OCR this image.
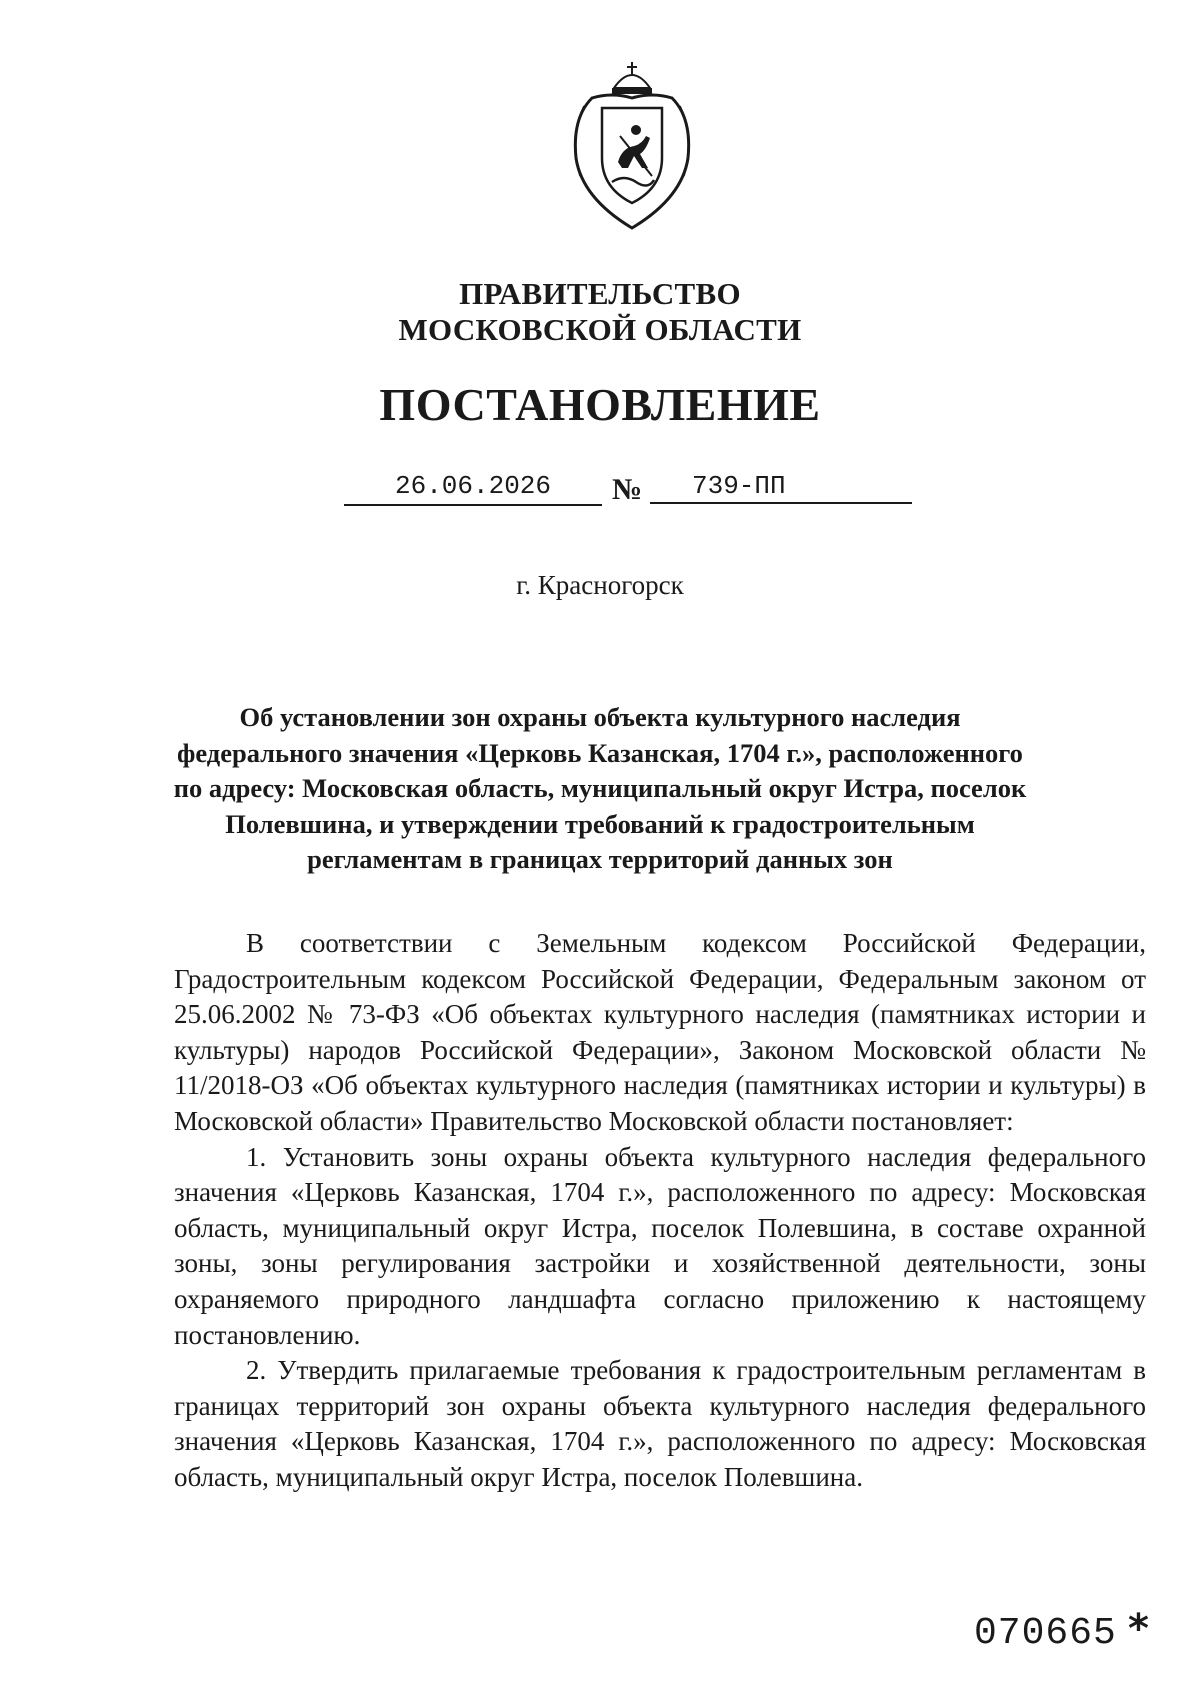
ПРАВИТЕЛЬСТВО
МОСКОВСКОЙ ОБЛАСТИ
ПОСТАНОВЛЕНИЕ
26.06.2026	№	739-ПП
г. Красногорск
Об установлении зон охраны объекта культурного наследия федерального значения «Церковь Казанская, 1704 г.», расположенного по адресу: Московская область, муниципальный округ Истра, поселок Полевшина, и утверждении требований к градостроительным регламентам в границах территорий данных зон

В соответствии с Земельным кодексом Российской Федерации, Градостроительным кодексом Российской Федерации, Федеральным законом от 25.06.2002 № 73-ФЗ «Об объектах культурного наследия (памятниках истории и культуры) народов Российской Федерации», Законом Московской области № 11/2018-ОЗ «Об объектах культурного наследия (памятниках истории и культуры) в Московской области» Правительство Московской области постановляет:

1. Установить зоны охраны объекта культурного наследия федерального значения «Церковь Казанская, 1704 г.», расположенного по адресу: Московская область, муниципальный округ Истра, поселок Полевшина, в составе охранной зоны, зоны регулирования застройки и хозяйственной деятельности, зоны охраняемого природного ландшафта согласно приложению к настоящему постановлению.

2. Утвердить прилагаемые требования к градостроительным регламентам в границах территорий зон охраны объекта культурного наследия федерального значения «Церковь Казанская, 1704 г.», расположенного по адресу: Московская область, муниципальный округ Истра, поселок Полевшина.

070665 *
